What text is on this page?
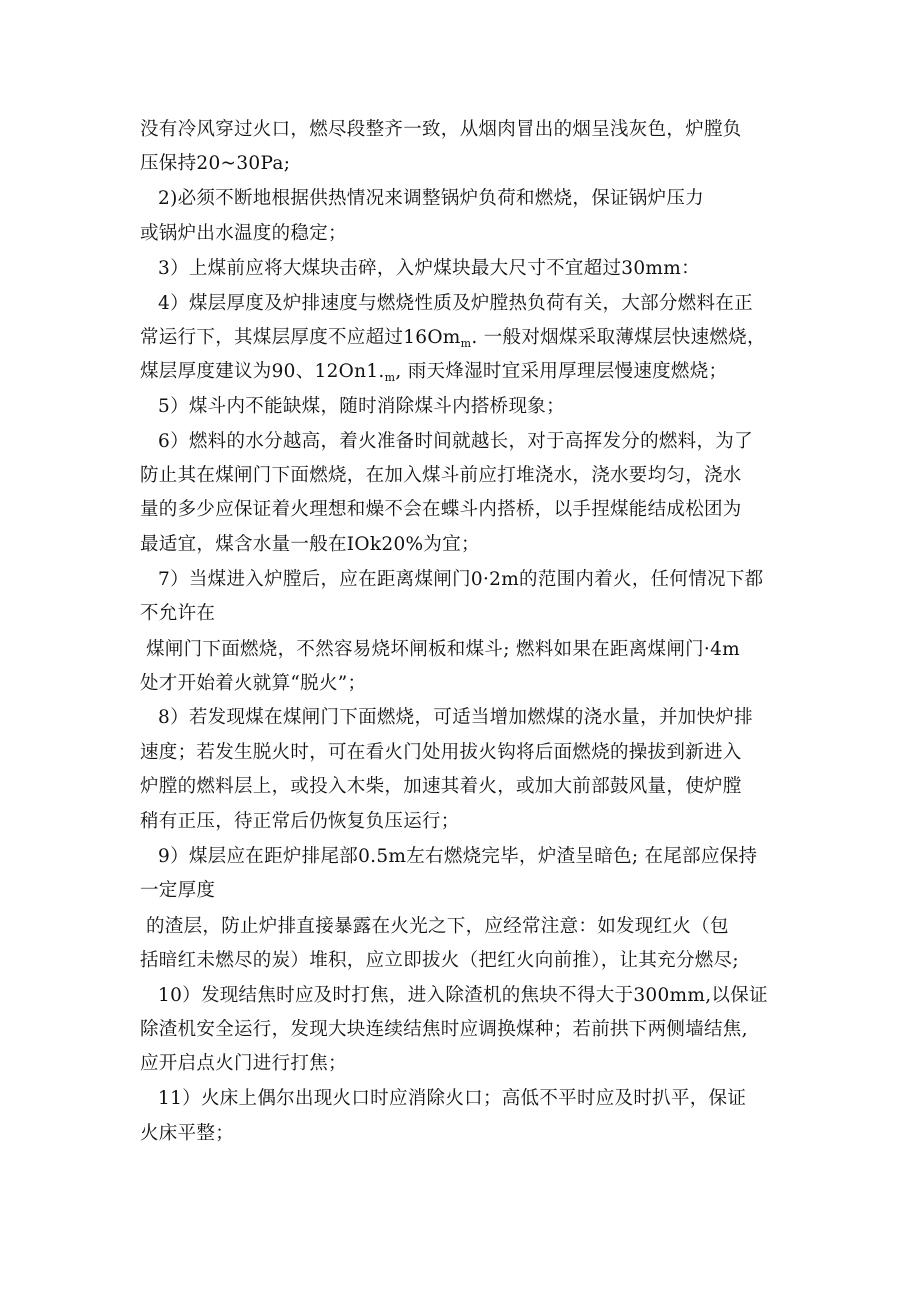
没有冷风穿过火口，燃尽段整齐一致，从烟肉冒出的烟呈浅灰色，炉膛负
压保持20~30Pa;
2)必须不断地根据供热情况来调整锅炉负荷和燃烧，保证锅炉压力
或锅炉出水温度的稳定；
3）上煤前应将大煤块击碎，入炉煤块最大尺寸不宜超过30mm：
4）煤层厚度及炉排速度与燃烧性质及炉膛热负荷有关，大部分燃料在正
常运行下，其煤层厚度不应超过$16Om_m$. 一般对烟煤采取薄煤层快速燃烧，
煤层厚度建议为90、$12On1._m$, 雨天烽湿时宜采用厚理层慢速度燃烧；
5）煤斗内不能缺煤，随时消除煤斗内搭桥现象；
6）燃料的水分越高，着火准备时间就越长，对于高挥发分的燃料，为了
防止其在煤闸门下面燃烧，在加入煤斗前应打堆浇水，浇水要均匀，浇水
量的多少应保证着火理想和燥不会在蝶斗内搭桥，以手捏煤能结成松团为
最适宜，煤含水量一般在IOk20%为宜；
7）当煤进入炉膛后，应在距离煤闸门0·2m的范围内着火，任何情况下都
不允许在
煤闸门下面燃烧，不然容易烧坏闸板和煤斗; 燃料如果在距离煤闸门·4m
处才开始着火就算“脱火”；
8）若发现煤在煤闸门下面燃烧，可适当增加燃煤的浇水量，并加快炉排
速度；若发生脱火时，可在看火门处用拔火钩将后面燃烧的操拔到新进入
炉膛的燃料层上，或投入木柴，加速其着火，或加大前部鼓风量，使炉膛
稍有正压，待正常后仍恢复负压运行；
9）煤层应在距炉排尾部0.5m左右燃烧完毕，炉渣呈暗色; 在尾部应保持
一定厚度
的渣层，防止炉排直接暴露在火光之下，应经常注意：如发现红火（包
括暗红未燃尽的炭）堆积，应立即拔火（把红火向前推），让其充分燃尽;
10）发现结焦时应及时打焦，进入除渣机的焦块不得大于300mm,以保证
除渣机安全运行，发现大块连续结焦时应调换煤种；若前拱下两侧墙结焦,
应开启点火门进行打焦；
11）火床上偶尔出现火口时应消除火口；高低不平时应及时扒平，保证
火床平整；
